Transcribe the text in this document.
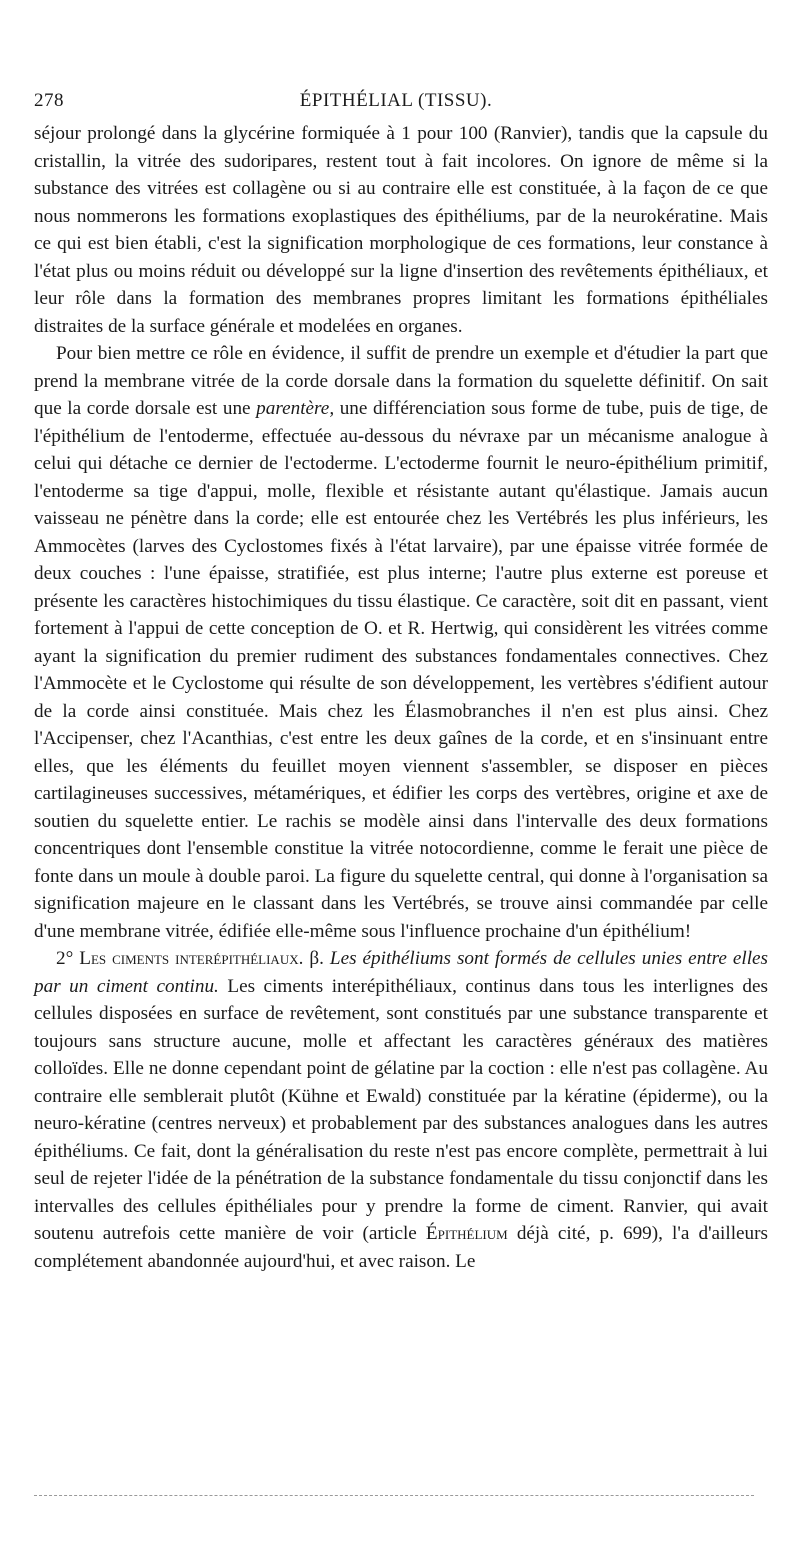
278	ÉPITHÉLIAL (TISSU).

séjour prolongé dans la glycérine formiquée à 1 pour 100 (Ranvier), tandis que la capsule du cristallin, la vitrée des sudoripares, restent tout à fait incolores. On ignore de même si la substance des vitrées est collagène ou si au contraire elle est constituée, à la façon de ce que nous nommerons les formations exoplastiques des épithéliums, par de la neurokératine. Mais ce qui est bien établi, c'est la signification morphologique de ces formations, leur constance à l'état plus ou moins réduit ou développé sur la ligne d'insertion des revêtements épithéliaux, et leur rôle dans la formation des membranes propres limitant les formations épithéliales distraites de la surface générale et modelées en organes.

Pour bien mettre ce rôle en évidence, il suffit de prendre un exemple et d'étudier la part que prend la membrane vitrée de la corde dorsale dans la formation du squelette définitif. On sait que la corde dorsale est une parentère, une différenciation sous forme de tube, puis de tige, de l'épithélium de l'entoderme, effectuée au-dessous du névraxe par un mécanisme analogue à celui qui détache ce dernier de l'ectoderme. L'ectoderme fournit le neuro-épithélium primitif, l'entoderme sa tige d'appui, molle, flexible et résistante autant qu'élastique. Jamais aucun vaisseau ne pénètre dans la corde; elle est entourée chez les Vertébrés les plus inférieurs, les Ammocètes (larves des Cyclostomes fixés à l'état larvaire), par une épaisse vitrée formée de deux couches : l'une épaisse, stratifiée, est plus interne; l'autre plus externe est poreuse et présente les caractères histochimiques du tissu élastique. Ce caractère, soit dit en passant, vient fortement à l'appui de cette conception de O. et R. Hertwig, qui considèrent les vitrées comme ayant la signification du premier rudiment des substances fondamentales connectives. Chez l'Ammocète et le Cyclostome qui résulte de son développement, les vertèbres s'édifient autour de la corde ainsi constituée. Mais chez les Élasmobranches il n'en est plus ainsi. Chez l'Accipenser, chez l'Acanthias, c'est entre les deux gaînes de la corde, et en s'insinuant entre elles, que les éléments du feuillet moyen viennent s'assembler, se disposer en pièces cartilagineuses successives, métamériques, et édifier les corps des vertèbres, origine et axe de soutien du squelette entier. Le rachis se modèle ainsi dans l'intervalle des deux formations concentriques dont l'ensemble constitue la vitrée notocordienne, comme le ferait une pièce de fonte dans un moule à double paroi. La figure du squelette central, qui donne à l'organisation sa signification majeure en le classant dans les Vertébrés, se trouve ainsi commandée par celle d'une membrane vitrée, édifiée elle-même sous l'influence prochaine d'un épithélium!

2° Les ciments interépithéliaux. β. Les épithéliums sont formés de cellules unies entre elles par un ciment continu. Les ciments interépithéliaux, continus dans tous les interlignes des cellules disposées en surface de revêtement, sont constitués par une substance transparente et toujours sans structure aucune, molle et affectant les caractères généraux des matières colloïdes. Elle ne donne cependant point de gélatine par la coction : elle n'est pas collagène. Au contraire elle semblerait plutôt (Kühne et Ewald) constituée par la kératine (épiderme), ou la neuro-kératine (centres nerveux) et probablement par des substances analogues dans les autres épithéliums. Ce fait, dont la généralisation du reste n'est pas encore complète, permettrait à lui seul de rejeter l'idée de la pénétration de la substance fondamentale du tissu conjonctif dans les intervalles des cellules épithéliales pour y prendre la forme de ciment. Ranvier, qui avait soutenu autrefois cette manière de voir (article Épithélium déjà cité, p. 699), l'a d'ailleurs complétement abandonnée aujourd'hui, et avec raison. Le
